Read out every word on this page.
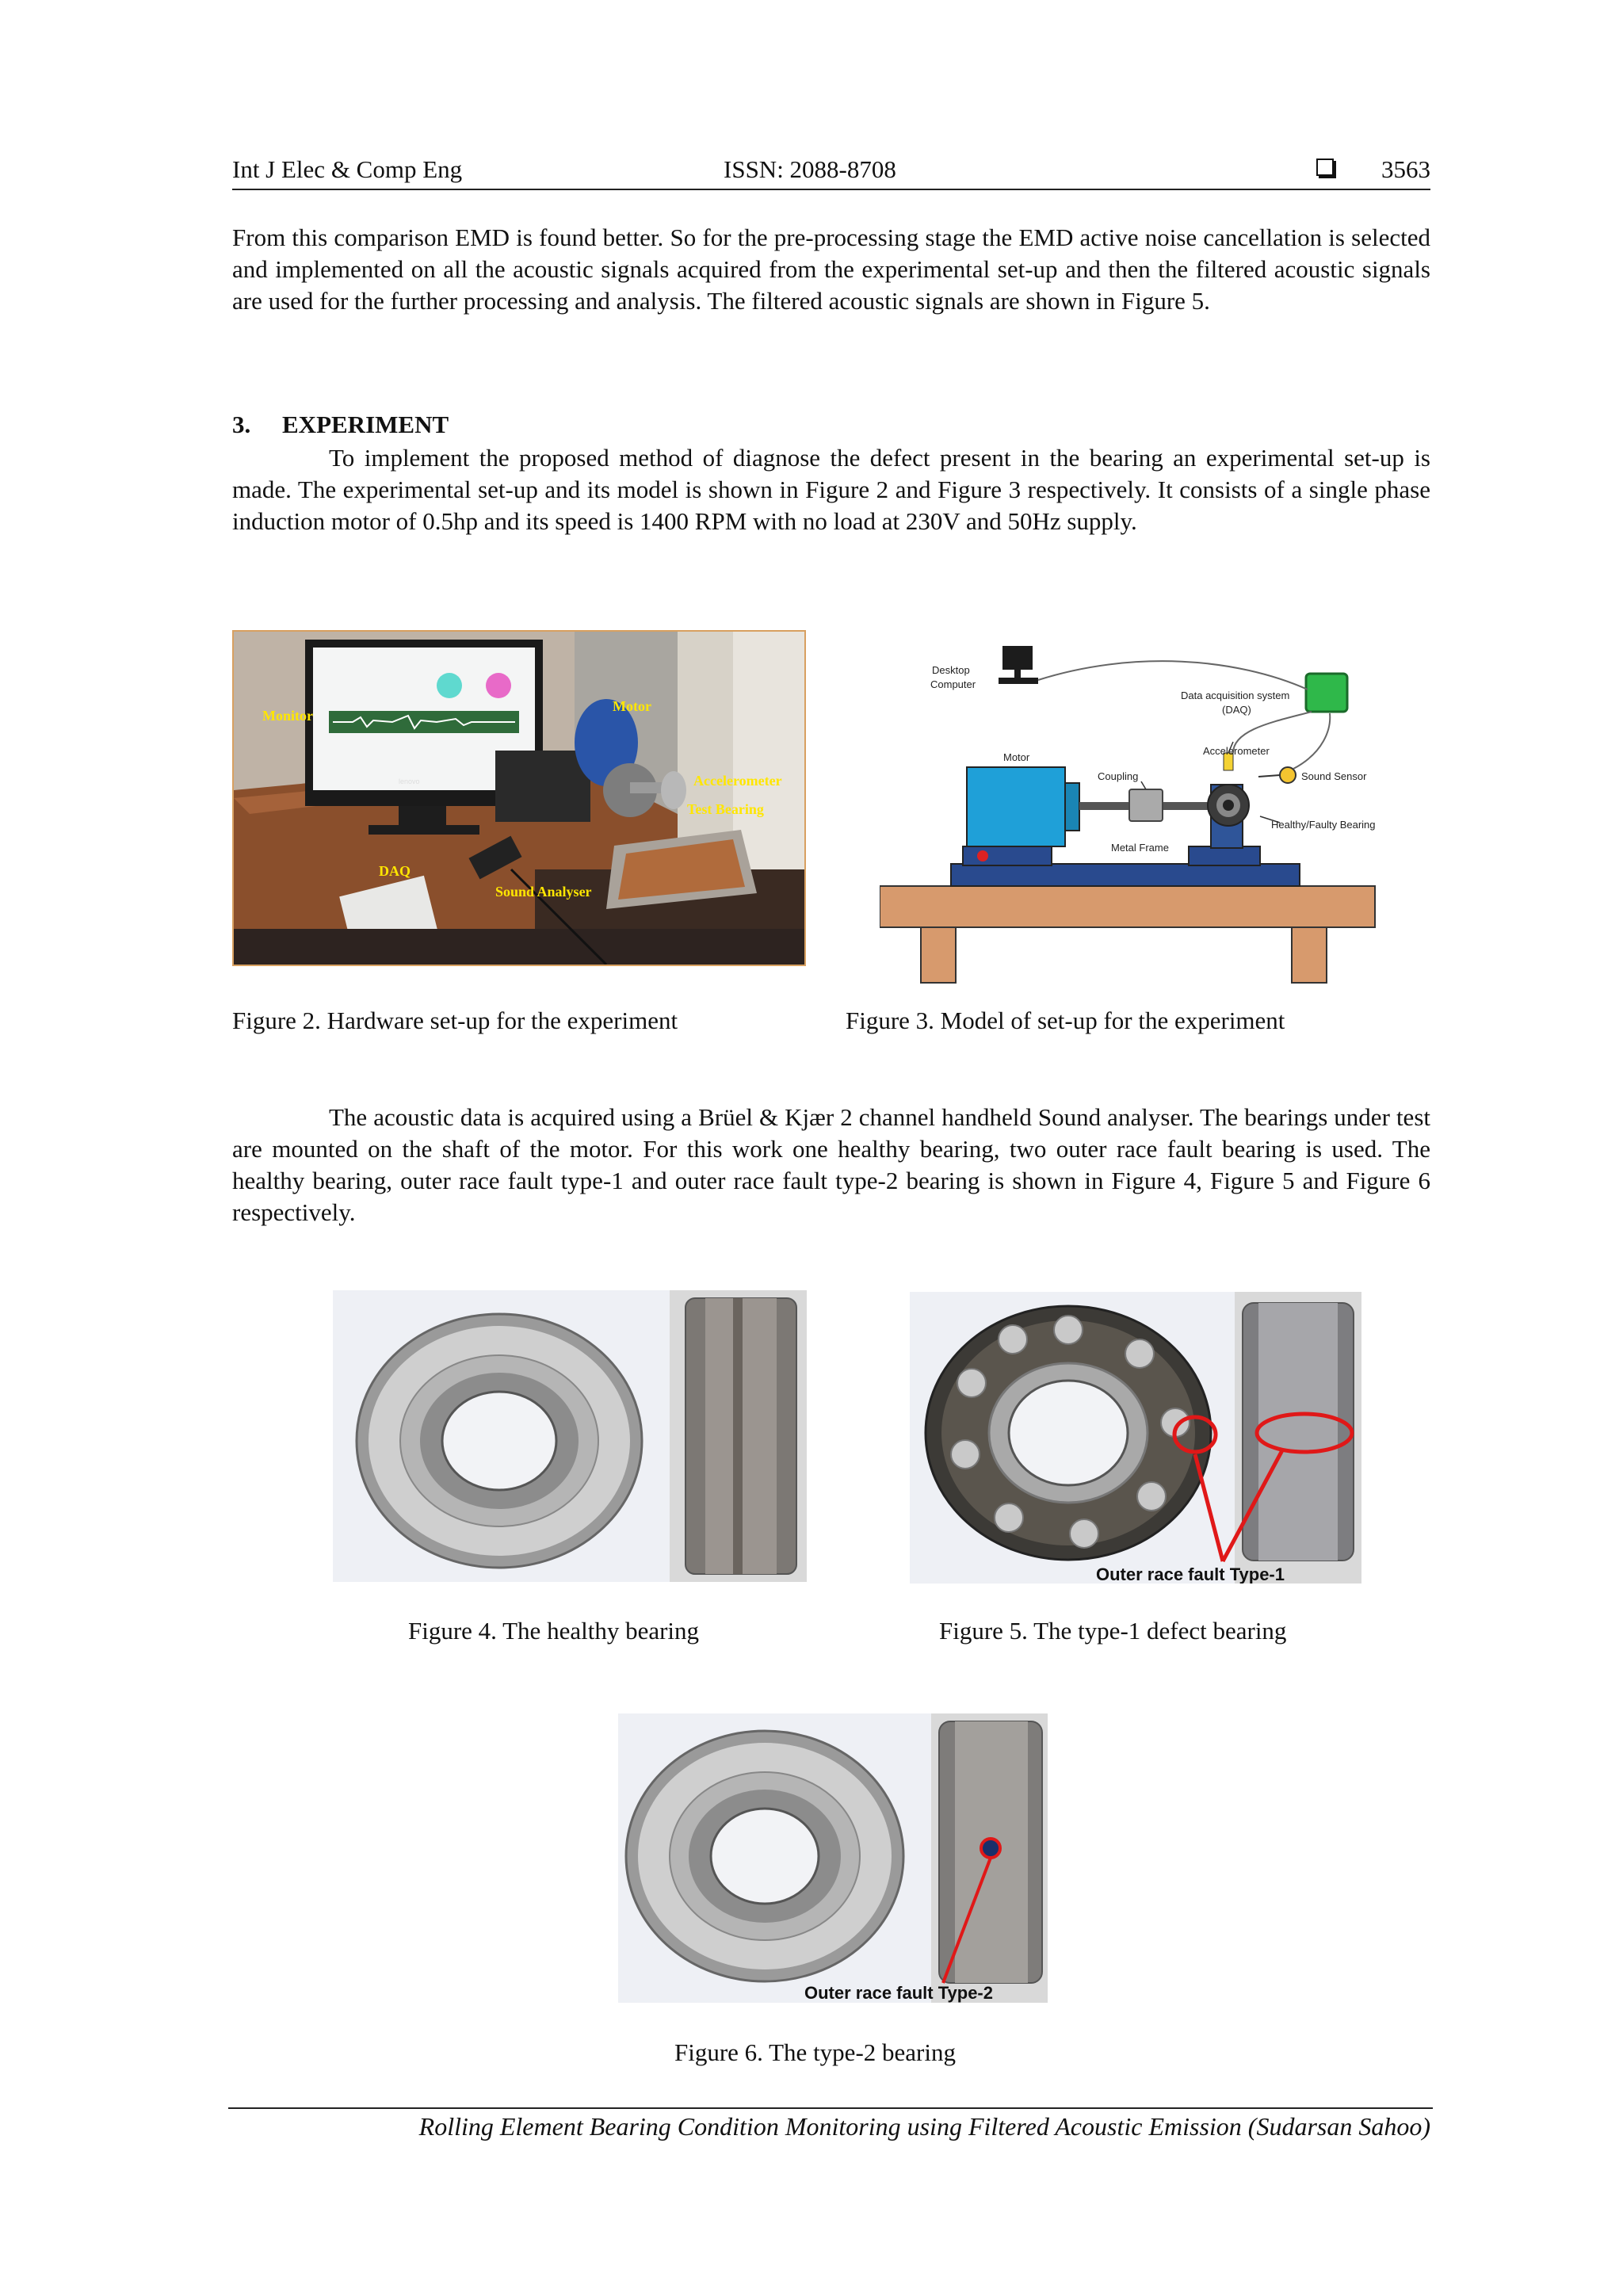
Int J Elec & Comp Eng	ISSN: 2088-8708	3563

From this comparison EMD is found better. So for the pre-processing stage the EMD active noise cancellation is selected and implemented on all the acoustic signals acquired from the experimental set-up and then the filtered acoustic signals are used for the further processing and analysis. The filtered acoustic signals are shown in Figure 5.

3. EXPERIMENT

To implement the proposed method of diagnose the defect present in the bearing an experimental set-up is made. The experimental set-up and its model is shown in Figure 2 and Figure 3 respectively. It consists of a single phase induction motor of 0.5hp and its speed is 1400 RPM with no load at 230V and 50Hz supply.

Monitor
Motor
Accelerometer
Test Bearing
DAQ
Sound Analyser
lenovo
Desktop
Computer
Data acquisition system
(DAQ)
Accelerometer
Motor
Coupling	Sound Sensor
Healthy/Faulty Bearing
Metal Frame
Figure 2. Hardware set-up for the experiment	Figure 3. Model of set-up for the experiment

The acoustic data is acquired using a Brüel & Kjær 2 channel handheld Sound analyser. The bearings under test are mounted on the shaft of the motor. For this work one healthy bearing, two outer race fault bearing is used. The healthy bearing, outer race fault type-1 and outer race fault type-2 bearing is shown in Figure 4, Figure 5 and Figure 6 respectively.

Outer race fault Type-1
Figure 4. The healthy bearing	Figure 5. The type-1 defect bearing
Outer race fault Type-2
Figure 6. The type-2 bearing
Rolling Element Bearing Condition Monitoring using Filtered Acoustic Emission (Sudarsan Sahoo)
